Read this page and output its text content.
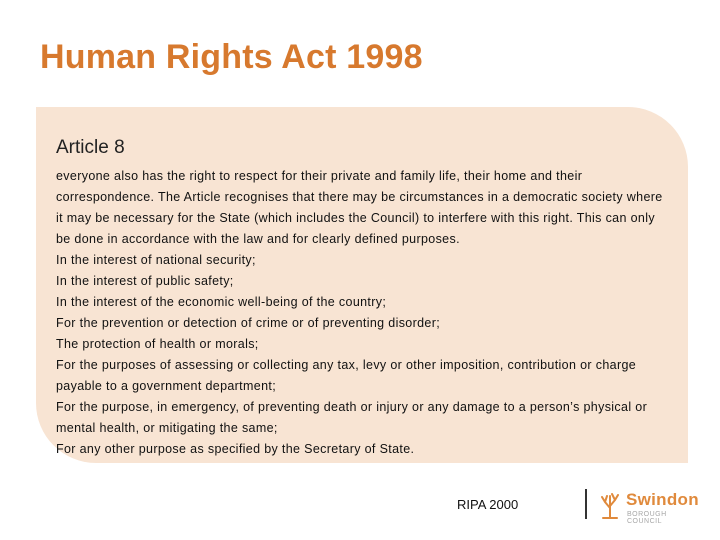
Human Rights Act 1998
Article 8

everyone also has the right to respect for their private and family life, their home and their correspondence. The Article recognises that there may be circumstances in a democratic society where it may be necessary for the State (which includes the Council) to interfere with this right. This can only be done in accordance with the law and for clearly defined purposes.

In the interest of national security;

In the interest of public safety;

In the interest of the economic well-being of the country;

For the prevention or detection of crime or of preventing disorder;

The protection of health or morals;

For the purposes of assessing or collecting any tax, levy or other imposition, contribution or charge payable to a government department;

For the purpose, in emergency, of preventing death or injury or any damage to a person’s physical or mental health, or mitigating the same;

For any other purpose as specified by the Secretary of State.

RIPA 2000	Swindon
BOROUGH COUNCIL
